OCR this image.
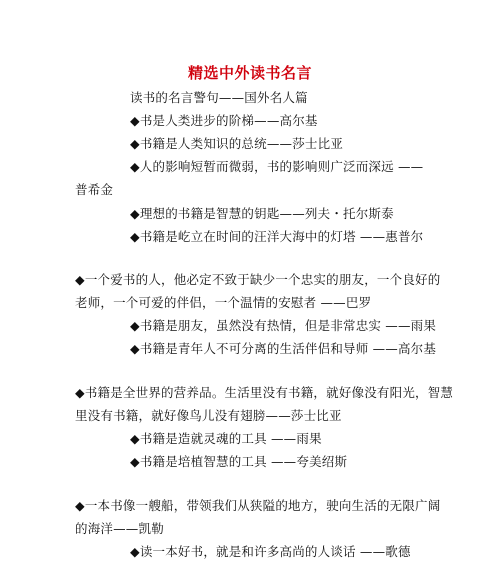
精选中外读书名言
读书的名言警句——国外名人篇
◆书是人类进步的阶梯——高尔基
◆书籍是人类知识的总统——莎士比亚
◆人的影响短暂而微弱，书的影响则广泛而深远 ——
普希金
◆理想的书籍是智慧的钥匙——列夫・托尔斯泰
◆书籍是屹立在时间的汪洋大海中的灯塔 ——惠普尔
◆一个爱书的人，他必定不致于缺少一个忠实的朋友，一个良好的
老师，一个可爱的伴侣，一个温情的安慰者 ——巴罗
◆书籍是朋友，虽然没有热情，但是非常忠实 ——雨果
◆书籍是青年人不可分离的生活伴侣和导师 ——高尔基
◆书籍是全世界的营养品。生活里没有书籍，就好像没有阳光，智慧
里没有书籍，就好像鸟儿没有翅膀——莎士比亚
◆书籍是造就灵魂的工具 ——雨果
◆书籍是培植智慧的工具 ——夸美绍斯
◆一本书像一艘船，带领我们从狭隘的地方，驶向生活的无限广阔
的海洋——凯勒
◆读一本好书，就是和许多高尚的人谈话 ——歌德
